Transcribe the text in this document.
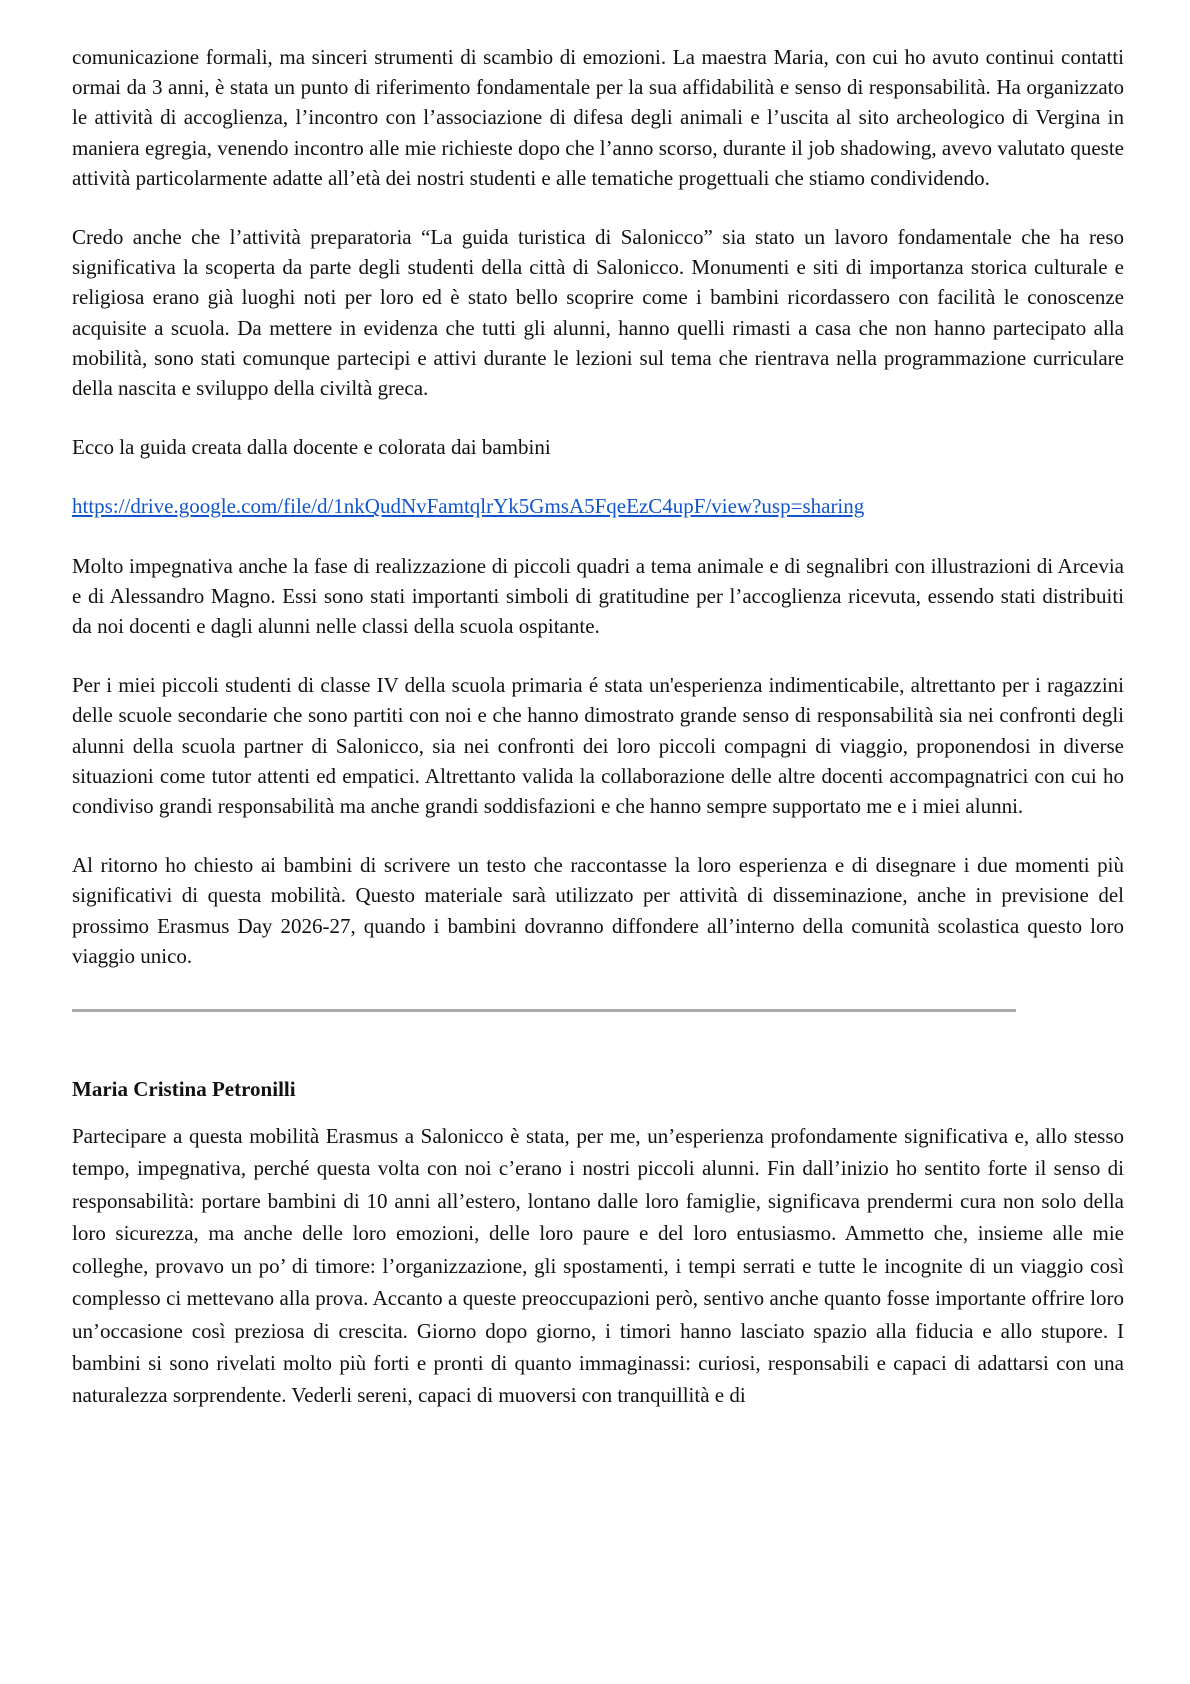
comunicazione formali, ma sinceri strumenti di scambio di emozioni. La maestra Maria, con cui ho avuto continui contatti ormai da 3 anni, è stata un punto di riferimento fondamentale per la sua affidabilità e senso di responsabilità. Ha organizzato le attività di accoglienza, l’incontro con l’associazione di difesa degli animali e l’uscita al sito archeologico di Vergina in maniera egregia, venendo incontro alle mie richieste dopo che l’anno scorso, durante il job shadowing, avevo valutato queste attività particolarmente adatte all’età dei nostri studenti e alle tematiche progettuali che stiamo condividendo.

Credo anche che l’attività preparatoria “La guida turistica di Salonicco” sia stato un lavoro fondamentale che ha reso significativa la scoperta da parte degli studenti della città di Salonicco. Monumenti e siti di importanza storica culturale e religiosa erano già luoghi noti per loro ed è stato bello scoprire come i bambini ricordassero con facilità le conoscenze acquisite a scuola. Da mettere in evidenza che tutti gli alunni, hanno quelli rimasti a casa che non hanno partecipato alla mobilità, sono stati comunque partecipi e attivi durante le lezioni sul tema che rientrava nella programmazione curriculare della nascita e sviluppo della civiltà greca.

Ecco la guida creata dalla docente e colorata dai bambini

https://drive.google.com/file/d/1nkQudNvFamtqlrYk5GmsA5FqeEzC4upF/view?usp=sharing

Molto impegnativa anche la fase di realizzazione di piccoli quadri a tema animale e di segnalibri con illustrazioni di Arcevia e di Alessandro Magno. Essi sono stati importanti simboli di gratitudine per l’accoglienza ricevuta, essendo stati distribuiti da noi docenti e dagli alunni nelle classi della scuola ospitante.

Per i miei piccoli studenti di classe IV della scuola primaria é stata un'esperienza indimenticabile, altrettanto per i ragazzini delle scuole secondarie che sono partiti con noi e che hanno dimostrato grande senso di responsabilità sia nei confronti degli alunni della scuola partner di Salonicco, sia nei confronti dei loro piccoli compagni di viaggio, proponendosi in diverse situazioni come tutor attenti ed empatici. Altrettanto valida la collaborazione delle altre docenti accompagnatrici con cui ho condiviso grandi responsabilità ma anche grandi soddisfazioni e che hanno sempre supportato me e i miei alunni.

Al ritorno ho chiesto ai bambini di scrivere un testo che raccontasse la loro esperienza e di disegnare i due momenti più significativi di questa mobilità. Questo materiale sarà utilizzato per attività di disseminazione, anche in previsione del prossimo Erasmus Day 2026-27, quando i bambini dovranno diffondere all’interno della comunità scolastica questo loro viaggio unico.

Maria Cristina Petronilli

Partecipare a questa mobilità Erasmus a Salonicco è stata, per me, un’esperienza profondamente significativa e, allo stesso tempo, impegnativa, perché questa volta con noi c’erano i nostri piccoli alunni. Fin dall’inizio ho sentito forte il senso di responsabilità: portare bambini di 10 anni all’estero, lontano dalle loro famiglie, significava prendermi cura non solo della loro sicurezza, ma anche delle loro emozioni, delle loro paure e del loro entusiasmo. Ammetto che, insieme alle mie colleghe, provavo un po’ di timore: l’organizzazione, gli spostamenti, i tempi serrati e tutte le incognite di un viaggio così complesso ci mettevano alla prova. Accanto a queste preoccupazioni però, sentivo anche quanto fosse importante offrire loro un’occasione così preziosa di crescita. Giorno dopo giorno, i timori hanno lasciato spazio alla fiducia e allo stupore. I bambini si sono rivelati molto più forti e pronti di quanto immaginassi: curiosi, responsabili e capaci di adattarsi con una naturalezza sorprendente. Vederli sereni, capaci di muoversi con tranquillità e di
